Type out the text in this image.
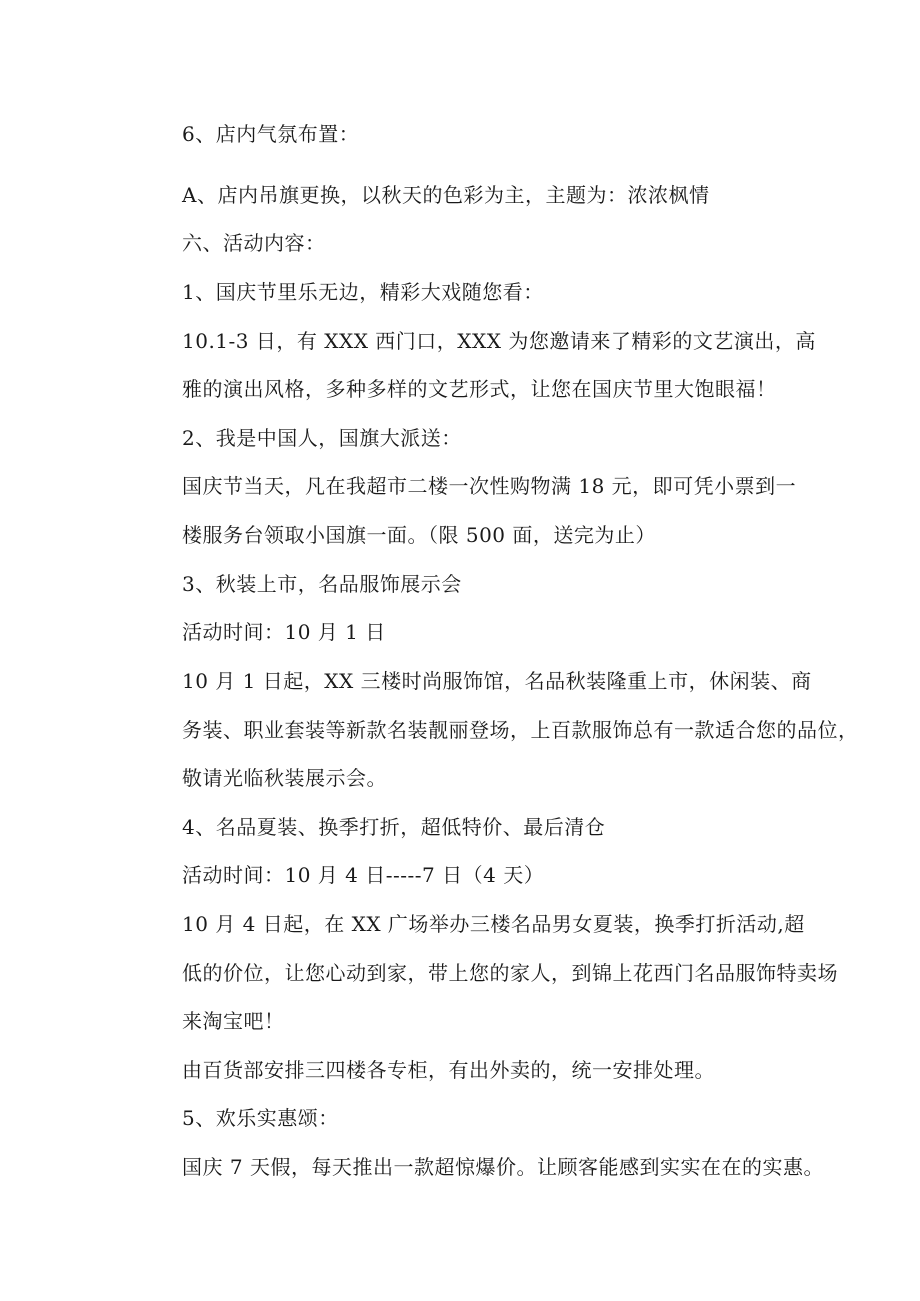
6、店内气氛布置：
A、店内吊旗更换，以秋天的色彩为主，主题为：浓浓枫情
六、活动内容：
1、国庆节里乐无边，精彩大戏随您看：
10.1-3 日，有 XXX 西门口，XXX 为您邀请来了精彩的文艺演出，高
雅的演出风格，多种多样的文艺形式，让您在国庆节里大饱眼福！
2、我是中国人，国旗大派送：
国庆节当天，凡在我超市二楼一次性购物满 18 元，即可凭小票到一
楼服务台领取小国旗一面。（限 500 面，送完为止）
3、秋装上市，名品服饰展示会
活动时间：10 月 1 日
10 月 1 日起，XX 三楼时尚服饰馆，名品秋装隆重上市，休闲装、商
务装、职业套装等新款名装靓丽登场，上百款服饰总有一款适合您的品位，
敬请光临秋装展示会。
4、名品夏装、换季打折，超低特价、最后清仓
活动时间：10 月 4 日-----7 日（4 天）
10 月 4 日起，在 XX 广场举办三楼名品男女夏装，换季打折活动,超
低的价位，让您心动到家，带上您的家人，到锦上花西门名品服饰特卖场
来淘宝吧！
由百货部安排三四楼各专柜，有出外卖的，统一安排处理。
5、欢乐实惠颂：
国庆 7 天假，每天推出一款超惊爆价。让顾客能感到实实在在的实惠。
